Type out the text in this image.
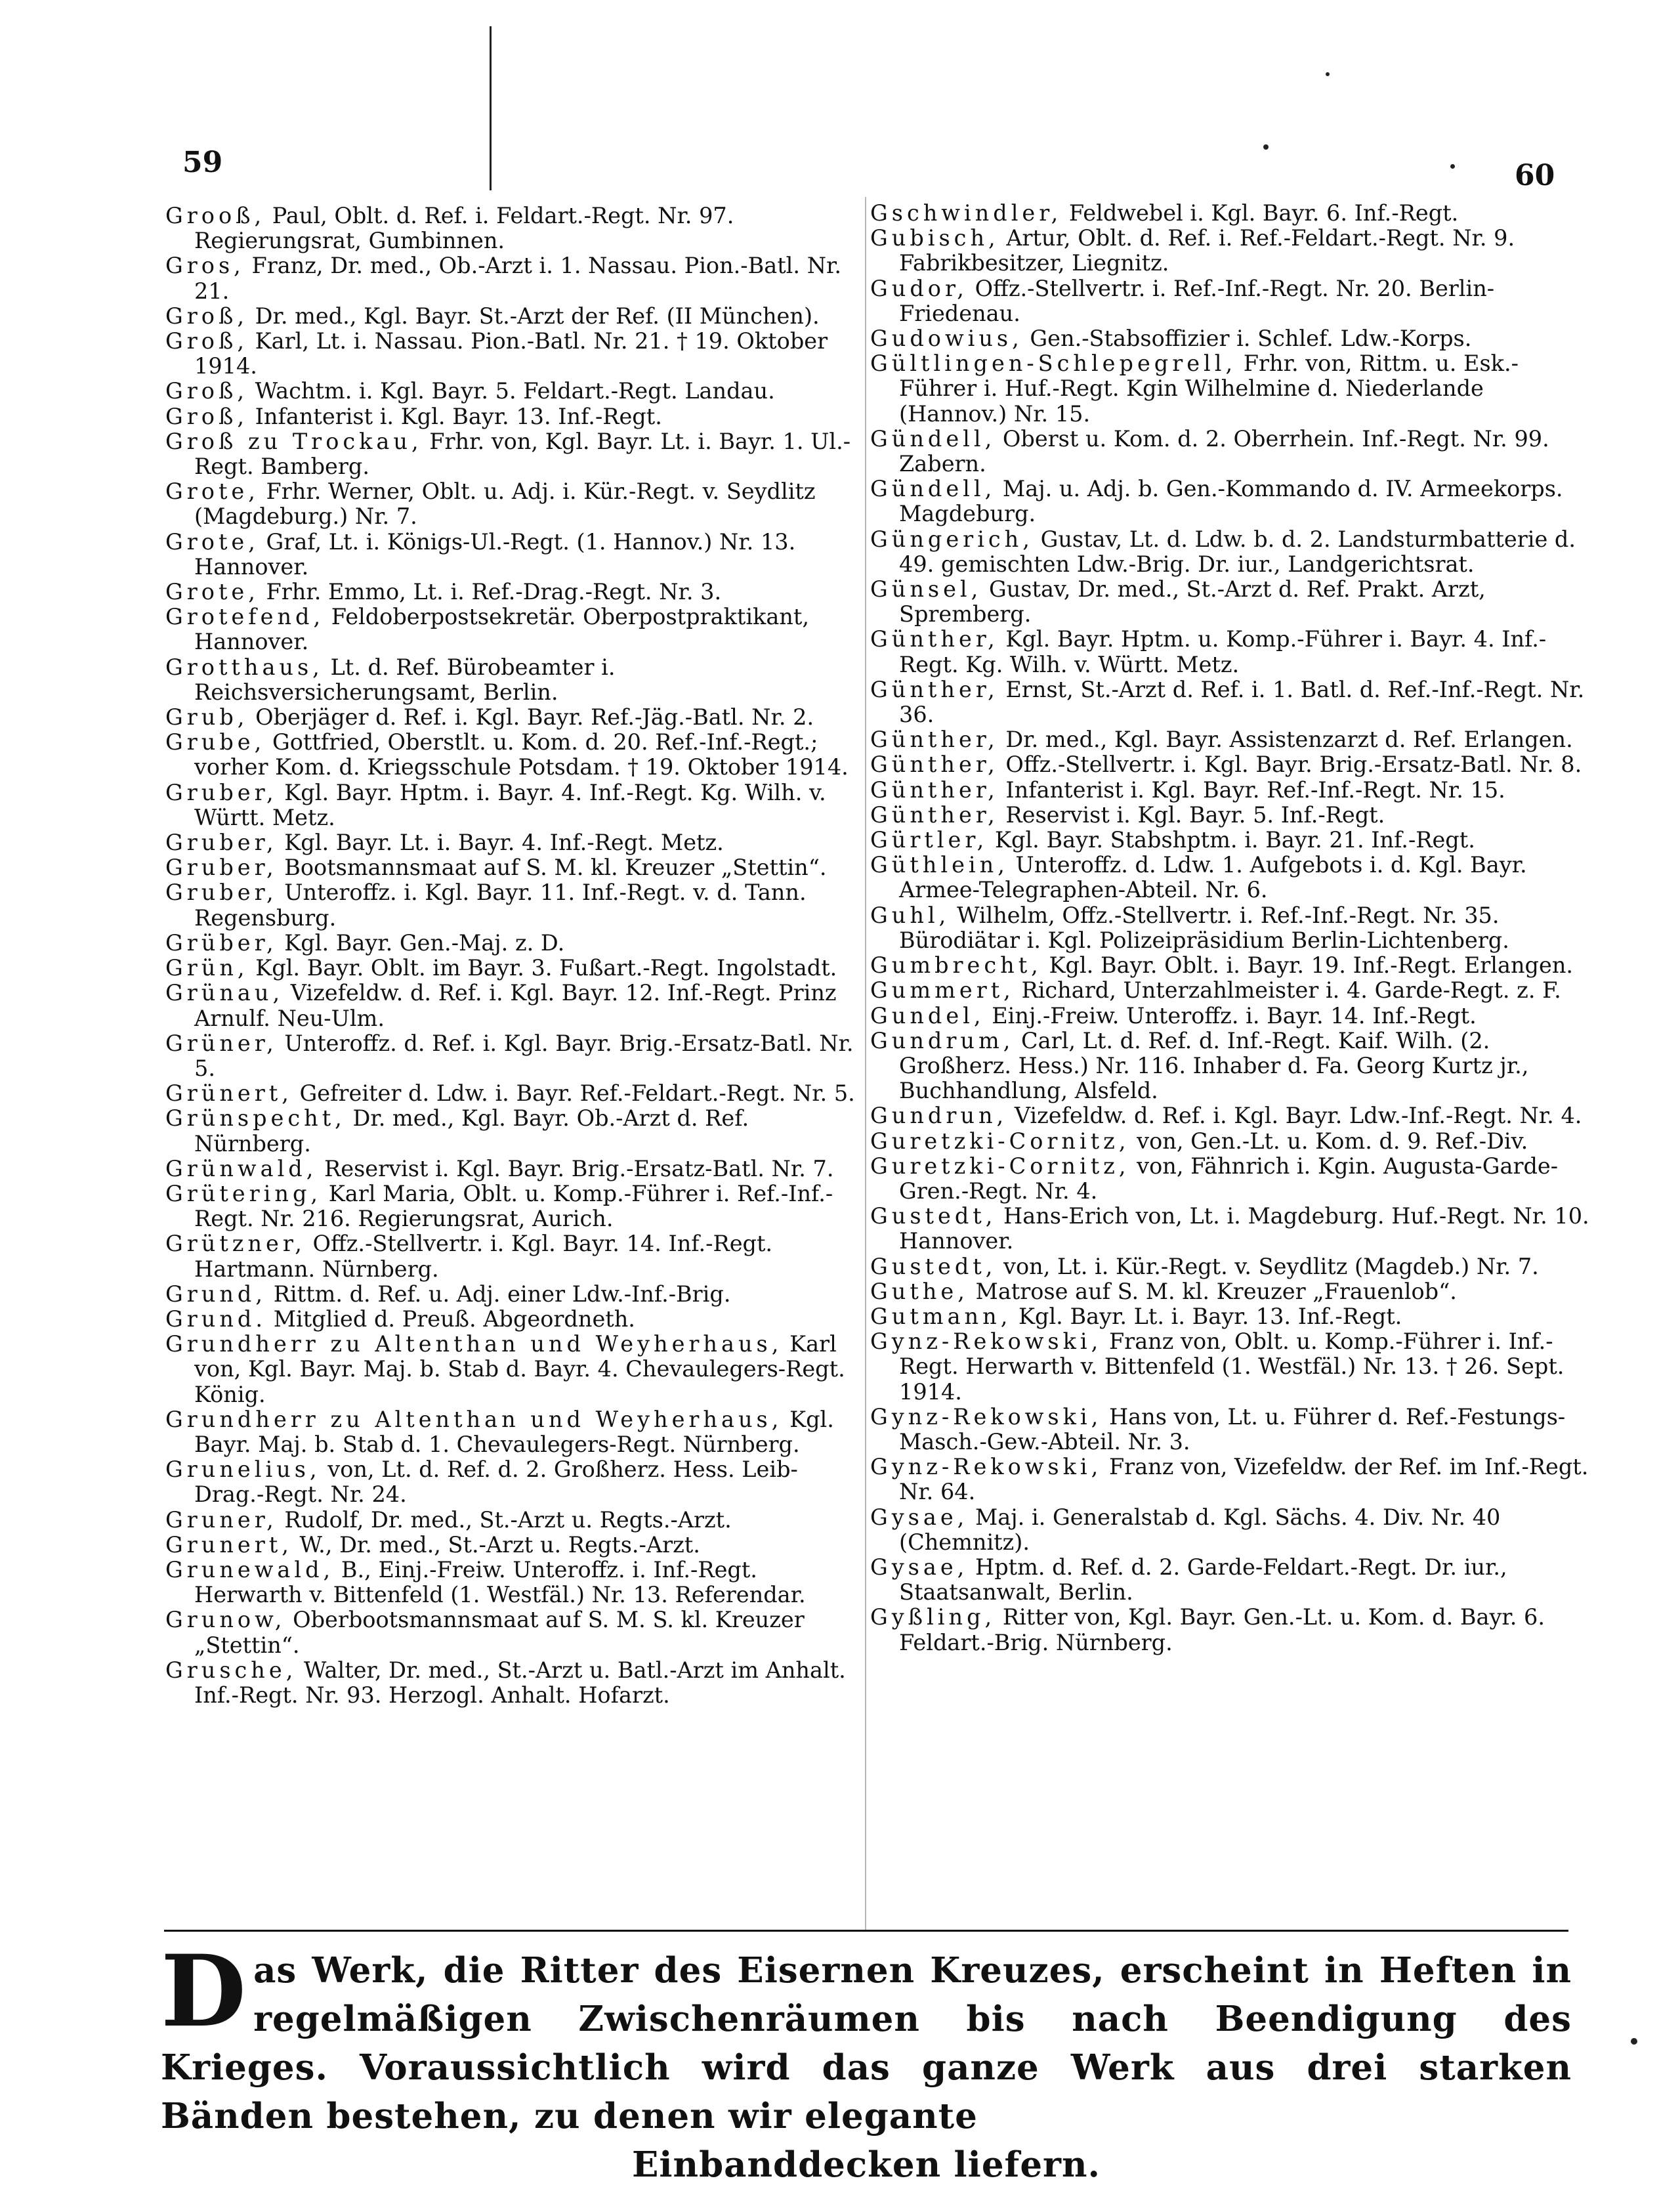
59	60

Grooß, Paul, Oblt. d. Ref. i. Feldart.-Regt. Nr. 97. Regierungsrat, Gumbinnen.

Gros, Franz, Dr. med., Ob.-Arzt i. 1. Nassau. Pion.-Batl. Nr. 21.

Groß, Dr. med., Kgl. Bayr. St.-Arzt der Ref. (II München).

Groß, Karl, Lt. i. Nassau. Pion.-Batl. Nr. 21. † 19. Oktober 1914.

Groß, Wachtm. i. Kgl. Bayr. 5. Feldart.-Regt. Landau.

Groß, Infanterist i. Kgl. Bayr. 13. Inf.-Regt.

Groß zu Trockau, Frhr. von, Kgl. Bayr. Lt. i. Bayr. 1. Ul.-Regt. Bamberg.

Grote, Frhr. Werner, Oblt. u. Adj. i. Kür.-Regt. v. Seydlitz (Magdeburg.) Nr. 7.

Grote, Graf, Lt. i. Königs-Ul.-Regt. (1. Hannov.) Nr. 13. Hannover.

Grote, Frhr. Emmo, Lt. i. Ref.-Drag.-Regt. Nr. 3.

Grotefend, Feldoberpostsekretär. Oberpostpraktikant, Hannover.

Grotthaus, Lt. d. Ref. Bürobeamter i. Reichsversicherungsamt, Berlin.

Grub, Oberjäger d. Ref. i. Kgl. Bayr. Ref.-Jäg.-Batl. Nr. 2.

Grube, Gottfried, Oberstlt. u. Kom. d. 20. Ref.-Inf.-Regt.; vorher Kom. d. Kriegsschule Potsdam. † 19. Oktober 1914.

Gruber, Kgl. Bayr. Hptm. i. Bayr. 4. Inf.-Regt. Kg. Wilh. v. Württ. Metz.

Gruber, Kgl. Bayr. Lt. i. Bayr. 4. Inf.-Regt. Metz.

Gruber, Bootsmannsmaat auf S. M. kl. Kreuzer „Stettin“.

Gruber, Unteroffz. i. Kgl. Bayr. 11. Inf.-Regt. v. d. Tann. Regensburg.

Grüber, Kgl. Bayr. Gen.-Maj. z. D.

Grün, Kgl. Bayr. Oblt. im Bayr. 3. Fußart.-Regt. Ingolstadt.

Grünau, Vizefeldw. d. Ref. i. Kgl. Bayr. 12. Inf.-Regt. Prinz Arnulf. Neu-Ulm.

Grüner, Unteroffz. d. Ref. i. Kgl. Bayr. Brig.-Ersatz-Batl. Nr. 5.

Grünert, Gefreiter d. Ldw. i. Bayr. Ref.-Feldart.-Regt. Nr. 5.

Grünspecht, Dr. med., Kgl. Bayr. Ob.-Arzt d. Ref. Nürnberg.

Grünwald, Reservist i. Kgl. Bayr. Brig.-Ersatz-Batl. Nr. 7.

Grütering, Karl Maria, Oblt. u. Komp.-Führer i. Ref.-Inf.-Regt. Nr. 216. Regierungsrat, Aurich.

Grützner, Offz.-Stellvertr. i. Kgl. Bayr. 14. Inf.-Regt. Hartmann. Nürnberg.

Grund, Rittm. d. Ref. u. Adj. einer Ldw.-Inf.-Brig.

Grund. Mitglied d. Preuß. Abgeordneth.

Grundherr zu Altenthan und Weyherhaus, Karl von, Kgl. Bayr. Maj. b. Stab d. Bayr. 4. Chevaulegers-Regt. König.

Grundherr zu Altenthan und Weyherhaus, Kgl. Bayr. Maj. b. Stab d. 1. Chevaulegers-Regt. Nürnberg.

Grunelius, von, Lt. d. Ref. d. 2. Großherz. Hess. Leib-Drag.-Regt. Nr. 24.

Gruner, Rudolf, Dr. med., St.-Arzt u. Regts.-Arzt.

Grunert, W., Dr. med., St.-Arzt u. Regts.-Arzt.

Grunewald, B., Einj.-Freiw. Unteroffz. i. Inf.-Regt. Herwarth v. Bittenfeld (1. Westfäl.) Nr. 13. Referendar.

Grunow, Oberbootsmannsmaat auf S. M. S. kl. Kreuzer „Stettin“.

Grusche, Walter, Dr. med., St.-Arzt u. Batl.-Arzt im Anhalt. Inf.-Regt. Nr. 93. Herzogl. Anhalt. Hofarzt.

Gschwindler, Feldwebel i. Kgl. Bayr. 6. Inf.-Regt.

Gubisch, Artur, Oblt. d. Ref. i. Ref.-Feldart.-Regt. Nr. 9. Fabrikbesitzer, Liegnitz.

Gudor, Offz.-Stellvertr. i. Ref.-Inf.-Regt. Nr. 20. Berlin-Friedenau.

Gudowius, Gen.-Stabsoffizier i. Schlef. Ldw.-Korps.

Gültlingen-Schlepegrell, Frhr. von, Rittm. u. Esk.-Führer i. Huf.-Regt. Kgin Wilhelmine d. Niederlande (Hannov.) Nr. 15.

Gündell, Oberst u. Kom. d. 2. Oberrhein. Inf.-Regt. Nr. 99. Zabern.

Gündell, Maj. u. Adj. b. Gen.-Kommando d. IV. Armeekorps. Magdeburg.

Güngerich, Gustav, Lt. d. Ldw. b. d. 2. Landsturmbatterie d. 49. gemischten Ldw.-Brig. Dr. iur., Landgerichtsrat.

Günsel, Gustav, Dr. med., St.-Arzt d. Ref. Prakt. Arzt, Spremberg.

Günther, Kgl. Bayr. Hptm. u. Komp.-Führer i. Bayr. 4. Inf.-Regt. Kg. Wilh. v. Württ. Metz.

Günther, Ernst, St.-Arzt d. Ref. i. 1. Batl. d. Ref.-Inf.-Regt. Nr. 36.

Günther, Dr. med., Kgl. Bayr. Assistenzarzt d. Ref. Erlangen.

Günther, Offz.-Stellvertr. i. Kgl. Bayr. Brig.-Ersatz-Batl. Nr. 8.

Günther, Infanterist i. Kgl. Bayr. Ref.-Inf.-Regt. Nr. 15.

Günther, Reservist i. Kgl. Bayr. 5. Inf.-Regt.

Gürtler, Kgl. Bayr. Stabshptm. i. Bayr. 21. Inf.-Regt.

Güthlein, Unteroffz. d. Ldw. 1. Aufgebots i. d. Kgl. Bayr. Armee-Telegraphen-Abteil. Nr. 6.

Guhl, Wilhelm, Offz.-Stellvertr. i. Ref.-Inf.-Regt. Nr. 35. Bürodiätar i. Kgl. Polizeipräsidium Berlin-Lichtenberg.

Gumbrecht, Kgl. Bayr. Oblt. i. Bayr. 19. Inf.-Regt. Erlangen.

Gummert, Richard, Unterzahlmeister i. 4. Garde-Regt. z. F.

Gundel, Einj.-Freiw. Unteroffz. i. Bayr. 14. Inf.-Regt.

Gundrum, Carl, Lt. d. Ref. d. Inf.-Regt. Kaif. Wilh. (2. Großherz. Hess.) Nr. 116. Inhaber d. Fa. Georg Kurtz jr., Buchhandlung, Alsfeld.

Gundrun, Vizefeldw. d. Ref. i. Kgl. Bayr. Ldw.-Inf.-Regt. Nr. 4.

Guretzki-Cornitz, von, Gen.-Lt. u. Kom. d. 9. Ref.-Div.

Guretzki-Cornitz, von, Fähnrich i. Kgin. Augusta-Garde-Gren.-Regt. Nr. 4.

Gustedt, Hans-Erich von, Lt. i. Magdeburg. Huf.-Regt. Nr. 10. Hannover.

Gustedt, von, Lt. i. Kür.-Regt. v. Seydlitz (Magdeb.) Nr. 7.

Guthe, Matrose auf S. M. kl. Kreuzer „Frauenlob“.

Gutmann, Kgl. Bayr. Lt. i. Bayr. 13. Inf.-Regt.

Gynz-Rekowski, Franz von, Oblt. u. Komp.-Führer i. Inf.-Regt. Herwarth v. Bittenfeld (1. Westfäl.) Nr. 13. † 26. Sept. 1914.

Gynz-Rekowski, Hans von, Lt. u. Führer d. Ref.-Festungs-Masch.-Gew.-Abteil. Nr. 3.

Gynz-Rekowski, Franz von, Vizefeldw. der Ref. im Inf.-Regt. Nr. 64.

Gysae, Maj. i. Generalstab d. Kgl. Sächs. 4. Div. Nr. 40 (Chemnitz).

Gysae, Hptm. d. Ref. d. 2. Garde-Feldart.-Regt. Dr. iur., Staatsanwalt, Berlin.

Gyßling, Ritter von, Kgl. Bayr. Gen.-Lt. u. Kom. d. Bayr. 6. Feldart.-Brig. Nürnberg.

D as Werk, die Ritter des Eisernen Kreuzes, erscheint in Heften in regelmäßigen Zwischenräumen bis nach Beendigung des Krieges. Voraussichtlich wird das ganze Werk aus drei starken Bänden bestehen, zu denen wir elegante
Einbanddecken liefern.
